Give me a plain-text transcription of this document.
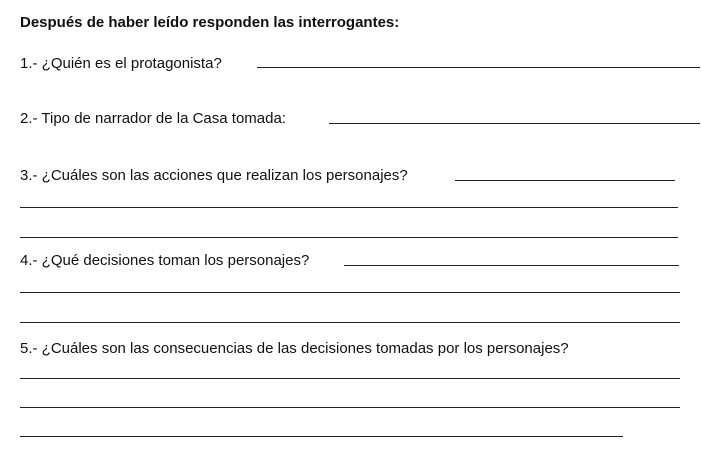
Después de haber leído responden las interrogantes:
1.- ¿Quién es el protagonista?
2.- Tipo de narrador de la Casa tomada:
3.- ¿Cuáles son las acciones que realizan los personajes?
4.- ¿Qué decisiones toman los personajes?
5.- ¿Cuáles son las consecuencias de las decisiones tomadas por los personajes?
